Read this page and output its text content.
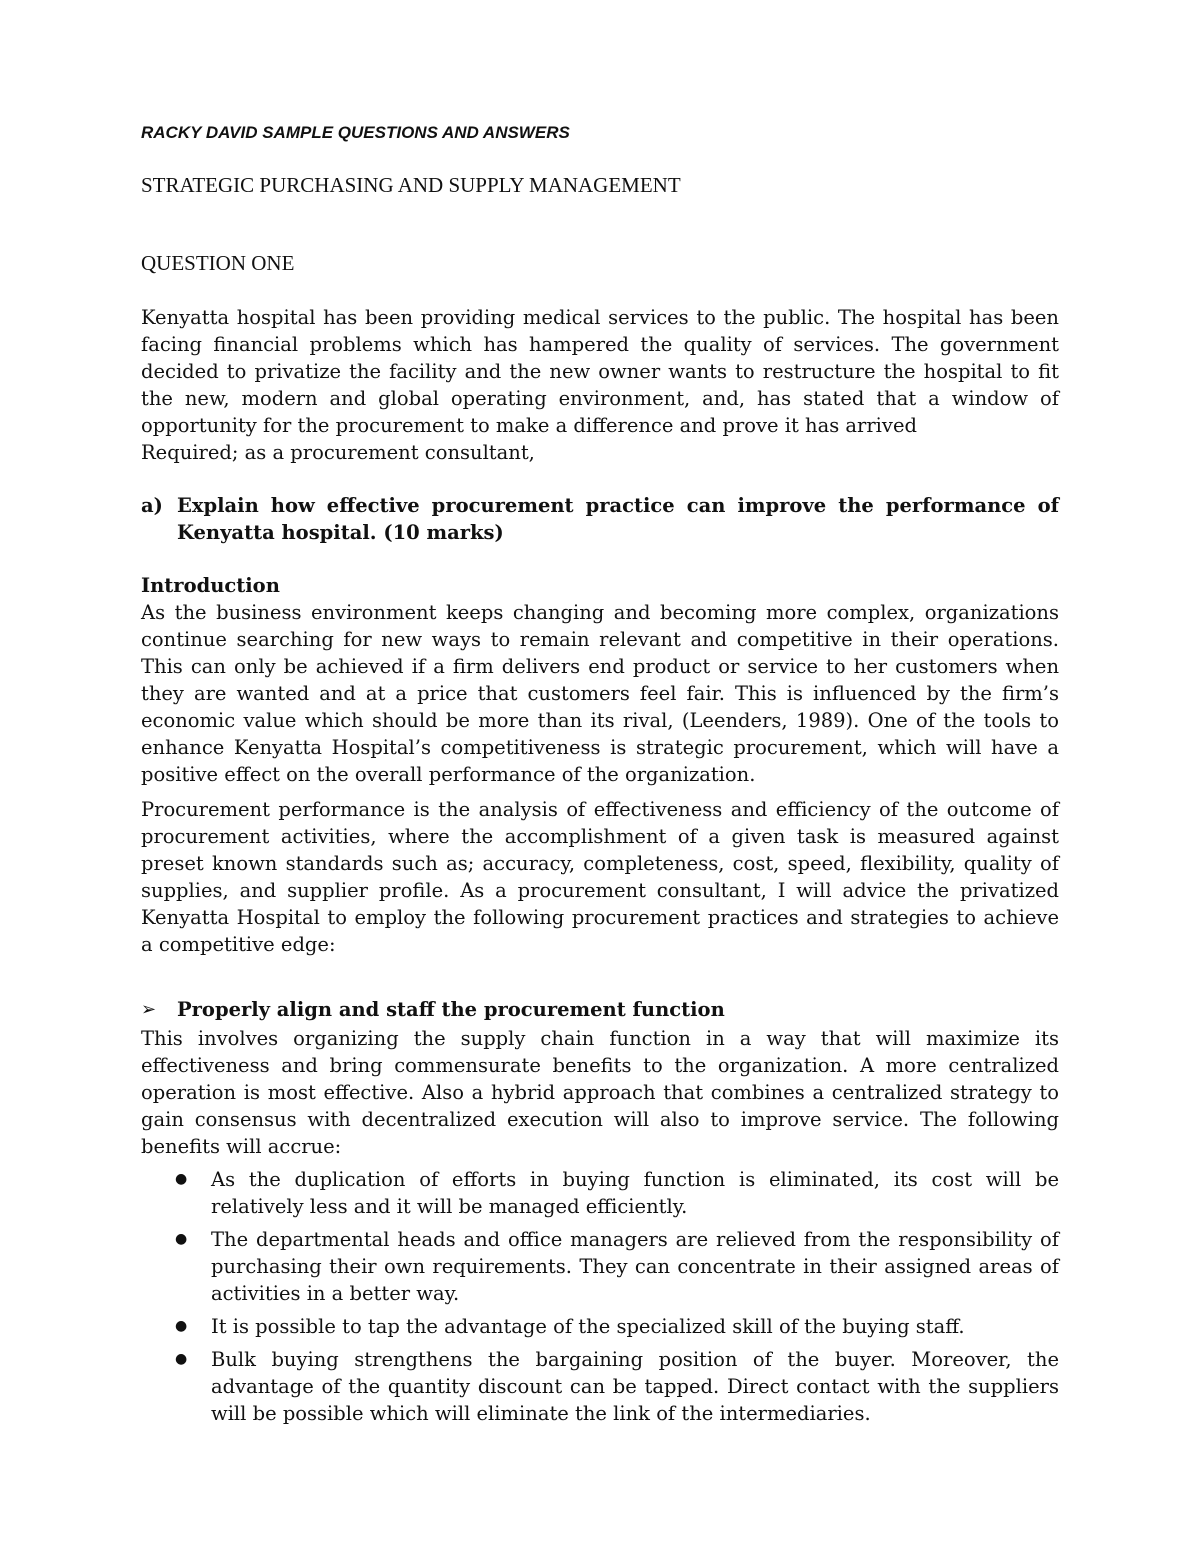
RACKY DAVID SAMPLE QUESTIONS AND ANSWERS

STRATEGIC PURCHASING AND SUPPLY MANAGEMENT

QUESTION ONE

Kenyatta hospital has been providing medical services to the public. The hospital has been facing financial problems which has hampered the quality of services. The government decided to privatize the facility and the new owner wants to restructure the hospital to fit the new, modern and global operating environment, and, has stated that a window of opportunity for the procurement to make a difference and prove it has arrived

Required; as a procurement consultant,

a) Explain how effective procurement practice can improve the performance of Kenyatta hospital. (10 marks)

Introduction

As the business environment keeps changing and becoming more complex, organizations continue searching for new ways to remain relevant and competitive in their operations. This can only be achieved if a firm delivers end product or service to her customers when they are wanted and at a price that customers feel fair. This is influenced by the firm’s economic value which should be more than its rival, (Leenders, 1989). One of the tools to enhance Kenyatta Hospital’s competitiveness is strategic procurement, which will have a positive effect on the overall performance of the organization.

Procurement performance is the analysis of effectiveness and efficiency of the outcome of procurement activities, where the accomplishment of a given task is measured against preset known standards such as; accuracy, completeness, cost, speed, flexibility, quality of supplies, and supplier profile. As a procurement consultant, I will advice the privatized Kenyatta Hospital to employ the following procurement practices and strategies to achieve a competitive edge:

➢	Properly align and staff the procurement function

This involves organizing the supply chain function in a way that will maximize its effectiveness and bring commensurate benefits to the organization. A more centralized operation is most effective. Also a hybrid approach that combines a centralized strategy to gain consensus with decentralized execution will also to improve service. The following benefits will accrue:

●	As the duplication of efforts in buying function is eliminated, its cost will be relatively less and it will be managed efficiently.
●	The departmental heads and office managers are relieved from the responsibility of purchasing their own requirements. They can concentrate in their assigned areas of activities in a better way.
●	It is possible to tap the advantage of the specialized skill of the buying staff.
●	Bulk buying strengthens the bargaining position of the buyer. Moreover, the advantage of the quantity discount can be tapped. Direct contact with the suppliers will be possible which will eliminate the link of the intermediaries.
